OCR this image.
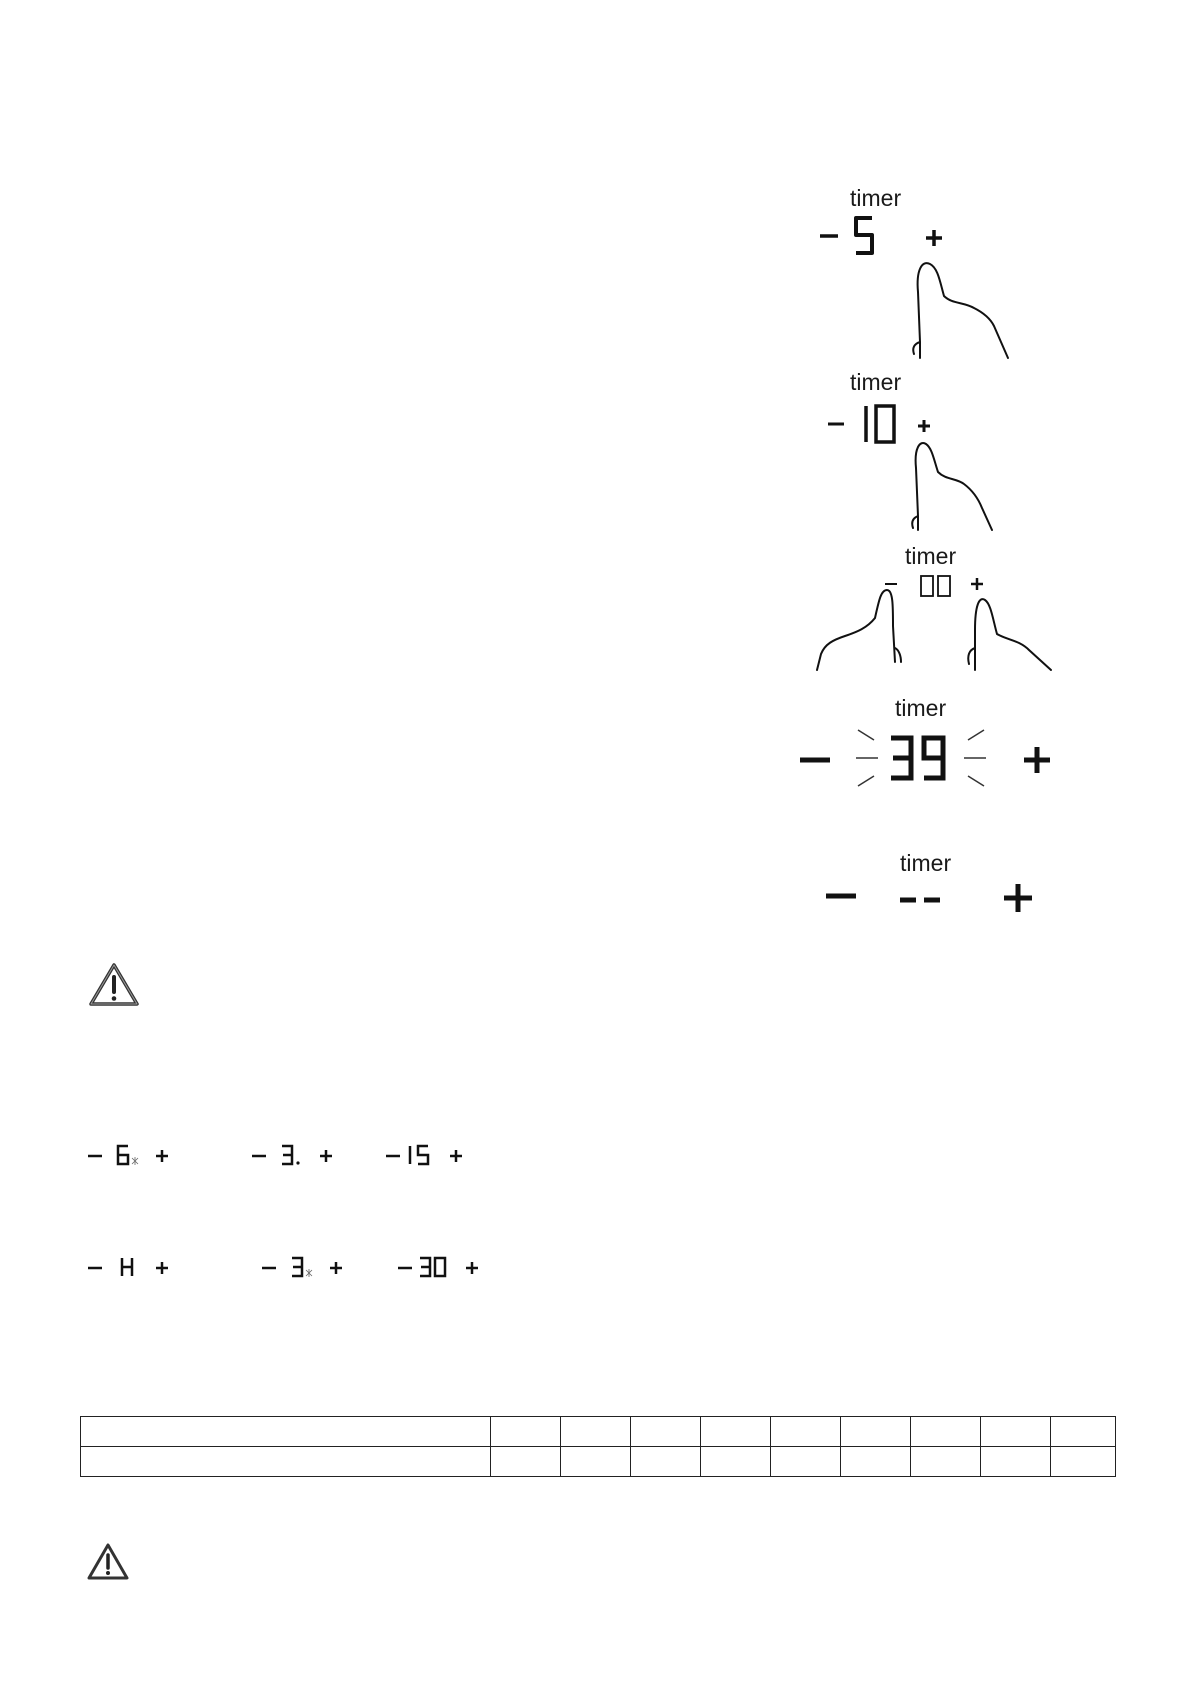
timer
timer
timer
timer
timer
